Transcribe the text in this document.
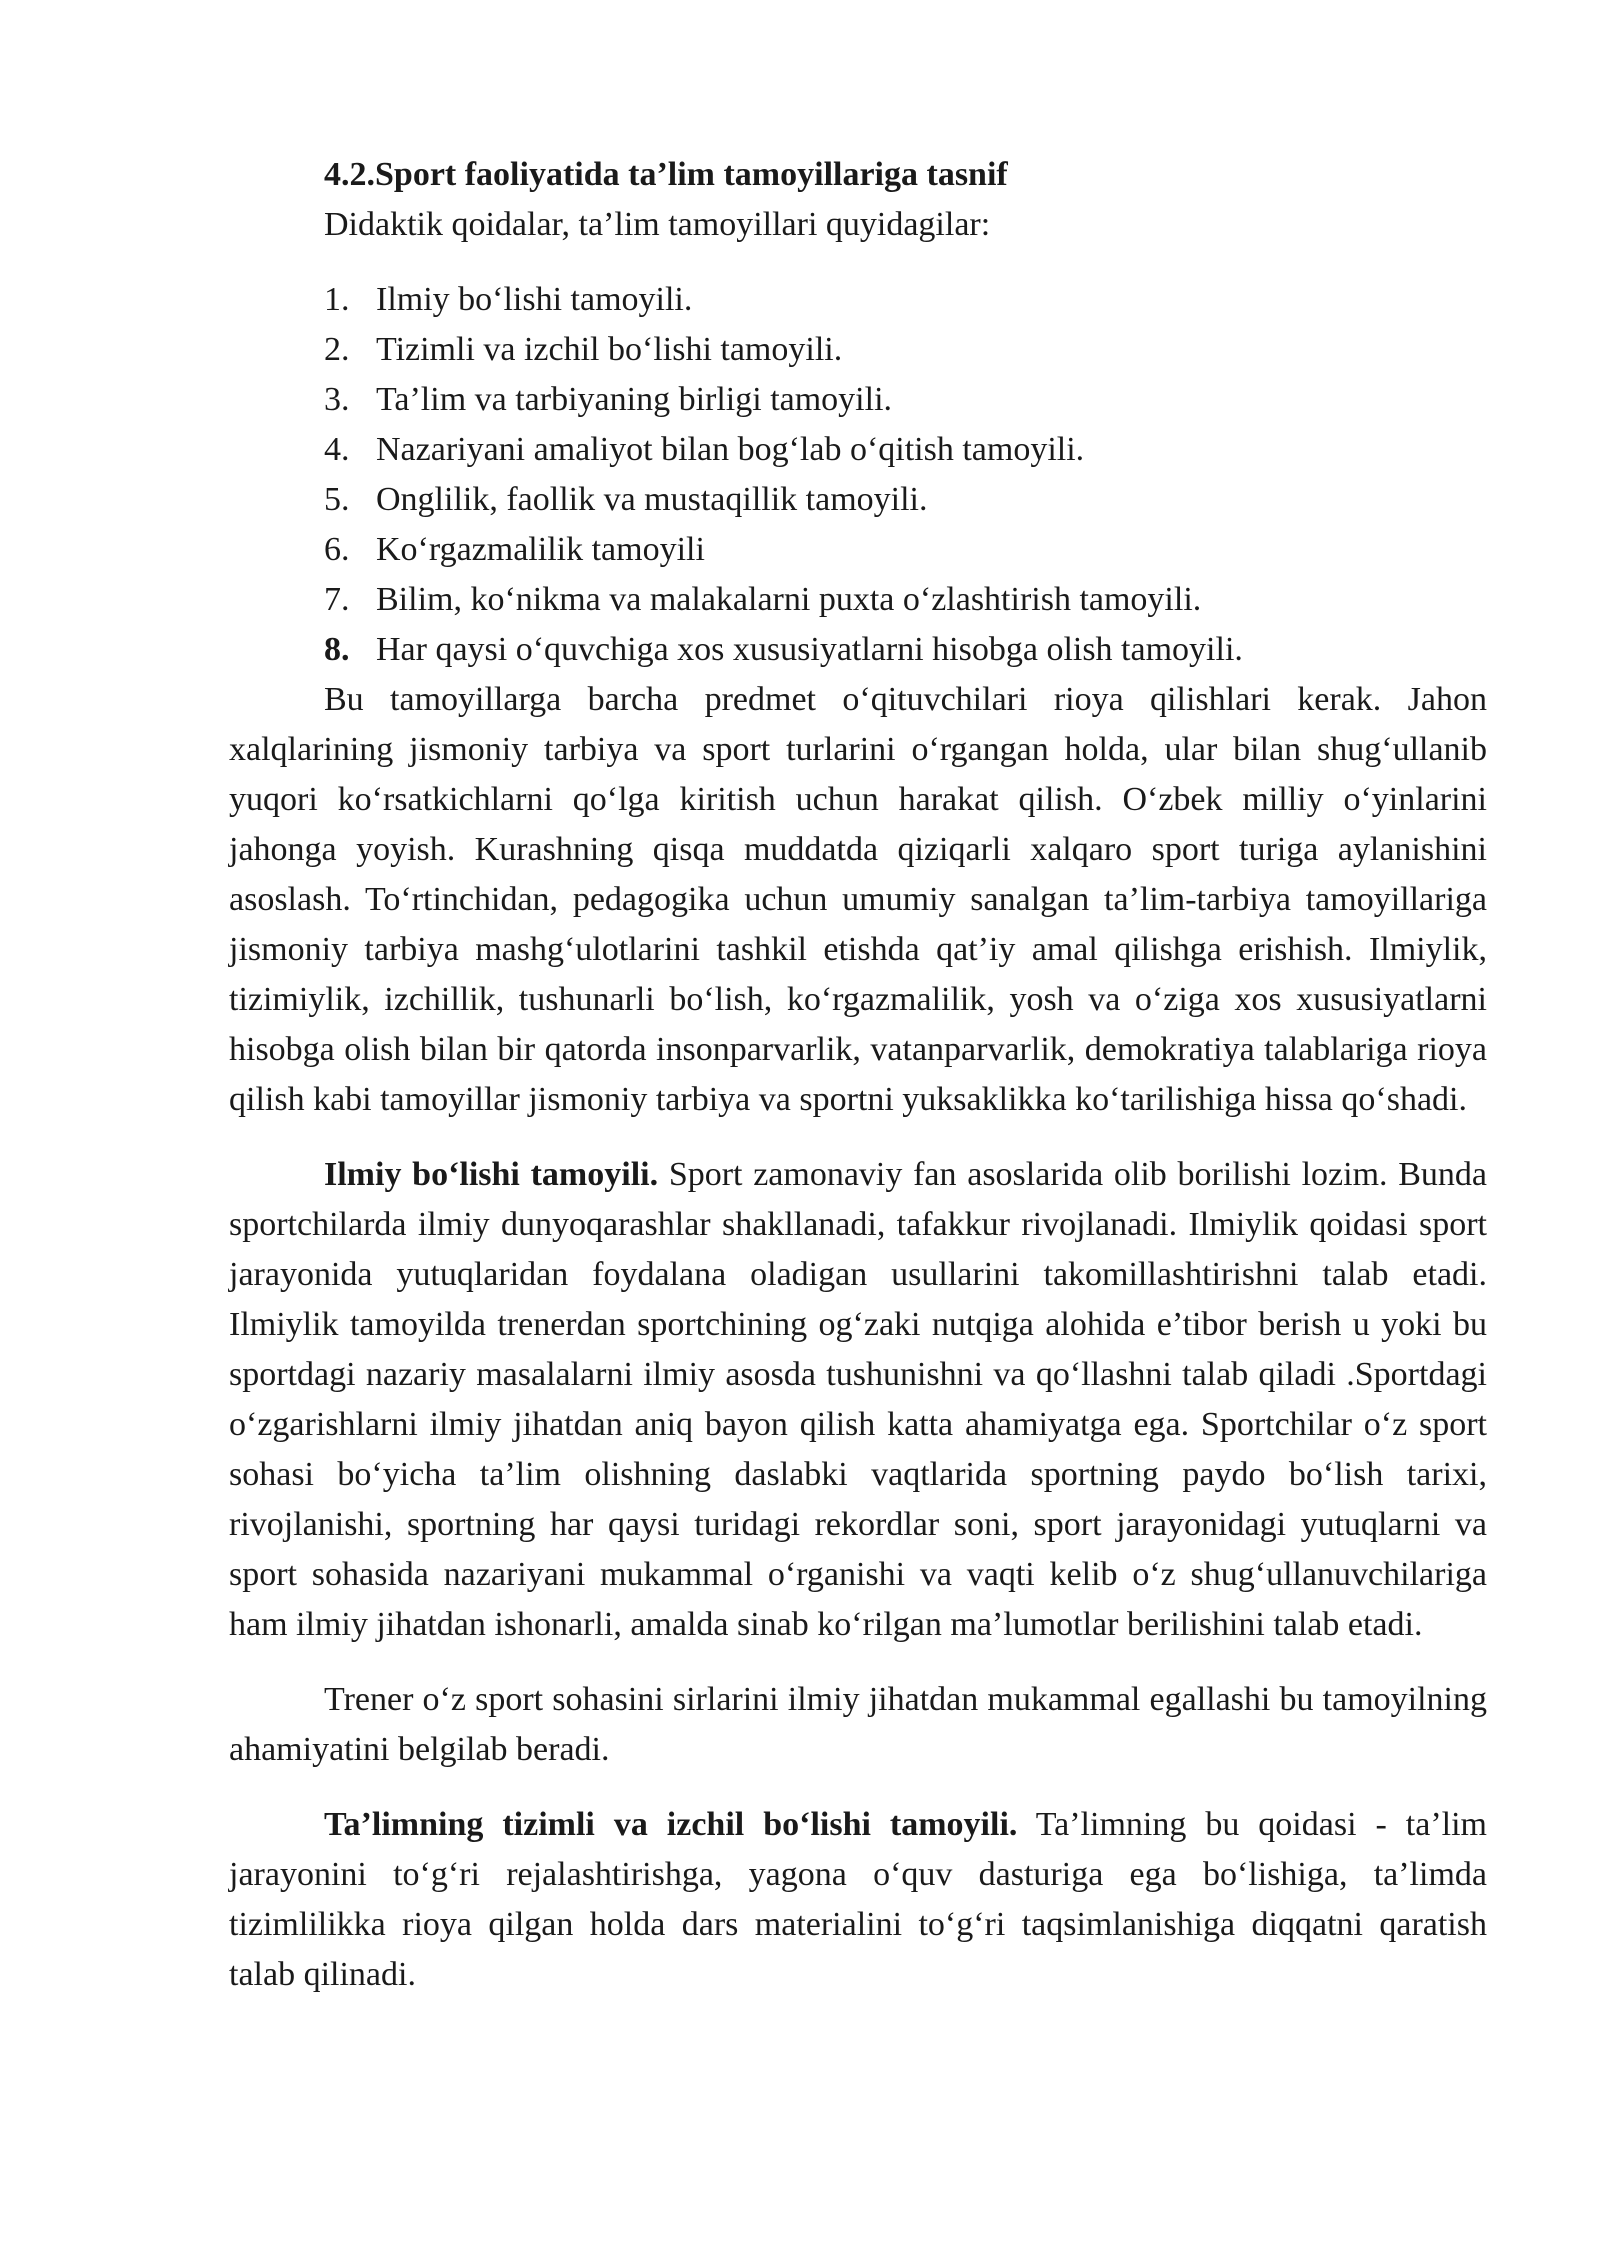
4.2.Sport faoliyatida ta’lim tamoyillariga tasnif

Didaktik qoidalar, ta’lim tamoyillari quyidagilar:

1. Ilmiy bo‘lishi tamoyili.
2. Tizimli va izchil bo‘lishi tamoyili.
3. Ta’lim va tarbiyaning birligi tamoyili.
4. Nazariyani amaliyot bilan bog‘lab o‘qitish tamoyili.
5. Onglilik, faollik va mustaqillik tamoyili.
6. Ko‘rgazmalilik tamoyili
7. Bilim, ko‘nikma va malakalarni puxta o‘zlashtirish tamoyili.
8. Har qaysi o‘quvchiga xos xususiyatlarni hisobga olish tamoyili.

Bu tamoyillarga barcha predmet o‘qituvchilari rioya qilishlari kerak. Jahon xalqlarining jismoniy tarbiya va sport turlarini o‘rgangan holda, ular bilan shug‘ullanib yuqori ko‘rsatkichlarni qo‘lga kiritish uchun harakat qilish. O‘zbek milliy o‘yinlarini jahonga yoyish. Kurashning qisqa muddatda qiziqarli xalqaro sport turiga aylanishini asoslash. To‘rtinchidan, pedagogika uchun umumiy sanalgan ta’lim-tarbiya tamoyillariga jismoniy tarbiya mashg‘ulotlarini tashkil etishda qat’iy amal qilishga erishish. Ilmiylik, tizimiylik, izchillik, tushunarli bo‘lish, ko‘rgazmalilik, yosh va o‘ziga xos xususiyatlarni hisobga olish bilan bir qatorda insonparvarlik, vatanparvarlik, demokratiya talablariga rioya qilish kabi tamoyillar jismoniy tarbiya va sportni yuksaklikka ko‘tarilishiga hissa qo‘shadi.

Ilmiy bo‘lishi tamoyili. Sport zamonaviy fan asoslarida olib borilishi lozim. Bunda sportchilarda ilmiy dunyoqarashlar shakllanadi, tafakkur rivojlanadi. Ilmiylik qoidasi sport jarayonida yutuqlaridan foydalana oladigan usullarini takomillashtirishni talab etadi. Ilmiylik tamoyilda trenerdan sportchining og‘zaki nutqiga alohida e’tibor berish u yoki bu sportdagi nazariy masalalarni ilmiy asosda tushunishni va qo‘llashni talab qiladi .Sportdagi o‘zgarishlarni ilmiy jihatdan aniq bayon qilish katta ahamiyatga ega. Sportchilar o‘z sport sohasi bo‘yicha ta’lim olishning daslabki vaqtlarida sportning paydo bo‘lish tarixi, rivojlanishi, sportning har qaysi turidagi rekordlar soni, sport jarayonidagi yutuqlarni va sport sohasida nazariyani mukammal o‘rganishi va vaqti kelib o‘z shug‘ullanuvchilariga ham ilmiy jihatdan ishonarli, amalda sinab ko‘rilgan ma’lumotlar berilishini talab etadi.

Trener o‘z sport sohasini sirlarini ilmiy jihatdan mukammal egallashi bu tamoyilning ahamiyatini belgilab beradi.

Ta’limning tizimli va izchil bo‘lishi tamoyili. Ta’limning bu qoidasi - ta’lim jarayonini to‘g‘ri rejalashtirishga, yagona o‘quv dasturiga ega bo‘lishiga, ta’limda tizimlilikka rioya qilgan holda dars materialini to‘g‘ri taqsimlanishiga diqqatni qaratish talab qilinadi.
